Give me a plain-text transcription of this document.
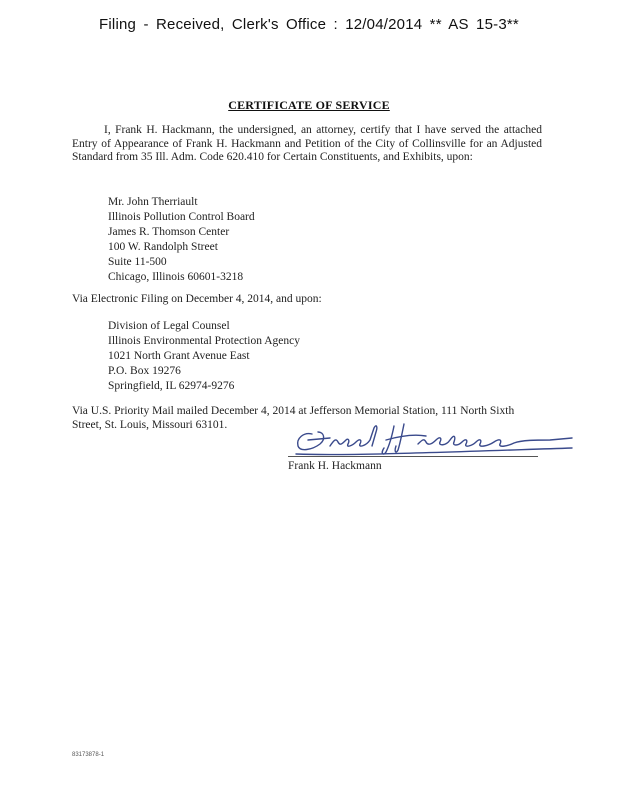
Filing - Received, Clerk's Office : 12/04/2014 ** AS 15-3**
CERTIFICATE OF SERVICE
I, Frank H. Hackmann, the undersigned, an attorney, certify that I have served the attached Entry of Appearance of Frank H. Hackmann and Petition of the City of Collinsville for an Adjusted Standard from 35 Ill. Adm. Code 620.410 for Certain Constituents, and Exhibits, upon:
Mr. John Therriault
Illinois Pollution Control Board
James R. Thomson Center
100 W. Randolph Street
Suite 11-500
Chicago, Illinois 60601-3218
Via Electronic Filing on December 4, 2014, and upon:
Division of Legal Counsel
Illinois Environmental Protection Agency
1021 North Grant Avenue East
P.O. Box 19276
Springfield, IL 62974-9276
Via U.S. Priority Mail mailed December 4, 2014 at Jefferson Memorial Station, 111 North Sixth Street, St. Louis, Missouri 63101.
Frank H. Hackmann
83173878-1
